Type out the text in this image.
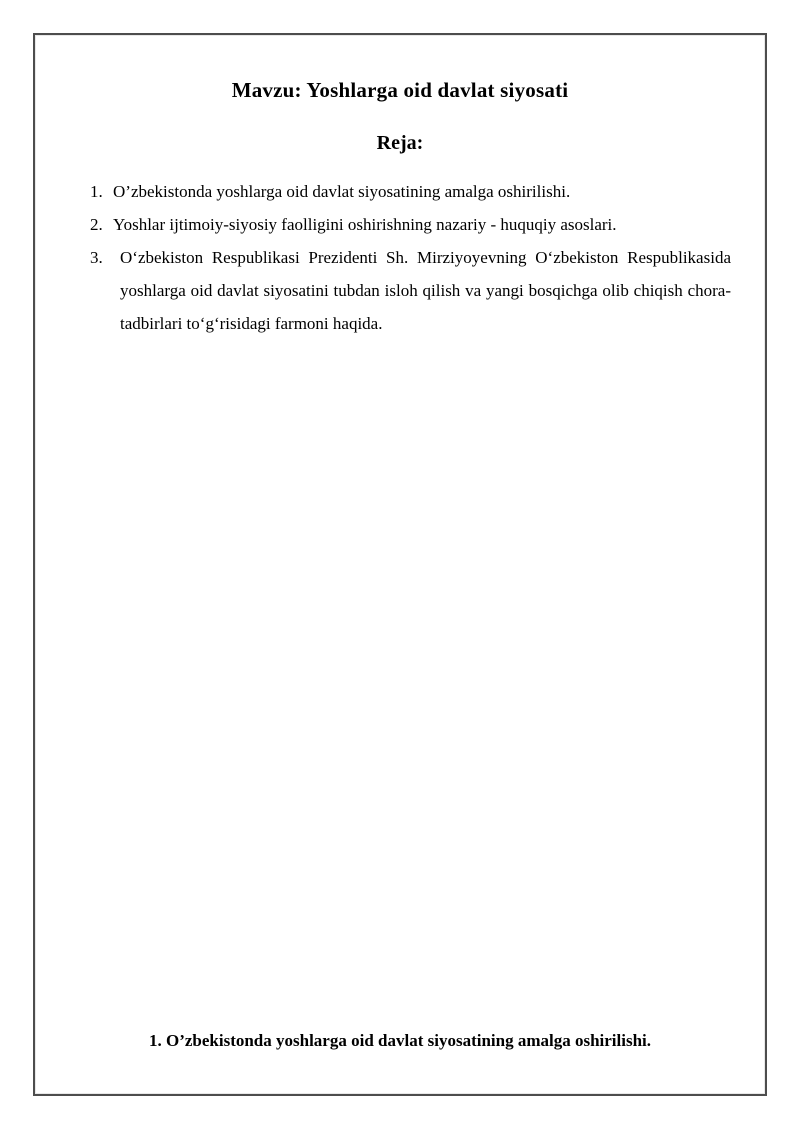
Mavzu: Yoshlarga oid davlat siyosati
Reja:
1. O’zbekistonda yoshlarga oid davlat siyosatining amalga oshirilishi.
2. Yoshlar ijtimoiy-siyosiy faolligini oshirishning nazariy - huquqiy asoslari.
3.	Oʻzbekiston Respublikasi Prezidenti Sh. Mirziyoyevning Oʻzbekiston Respublikasida yoshlarga oid davlat siyosatini tubdan isloh qilish va yangi bosqichga olib chiqish chora-tadbirlari toʻgʻrisidagi farmoni haqida.
1. O’zbekistonda yoshlarga oid davlat siyosatining amalga oshirilishi.
